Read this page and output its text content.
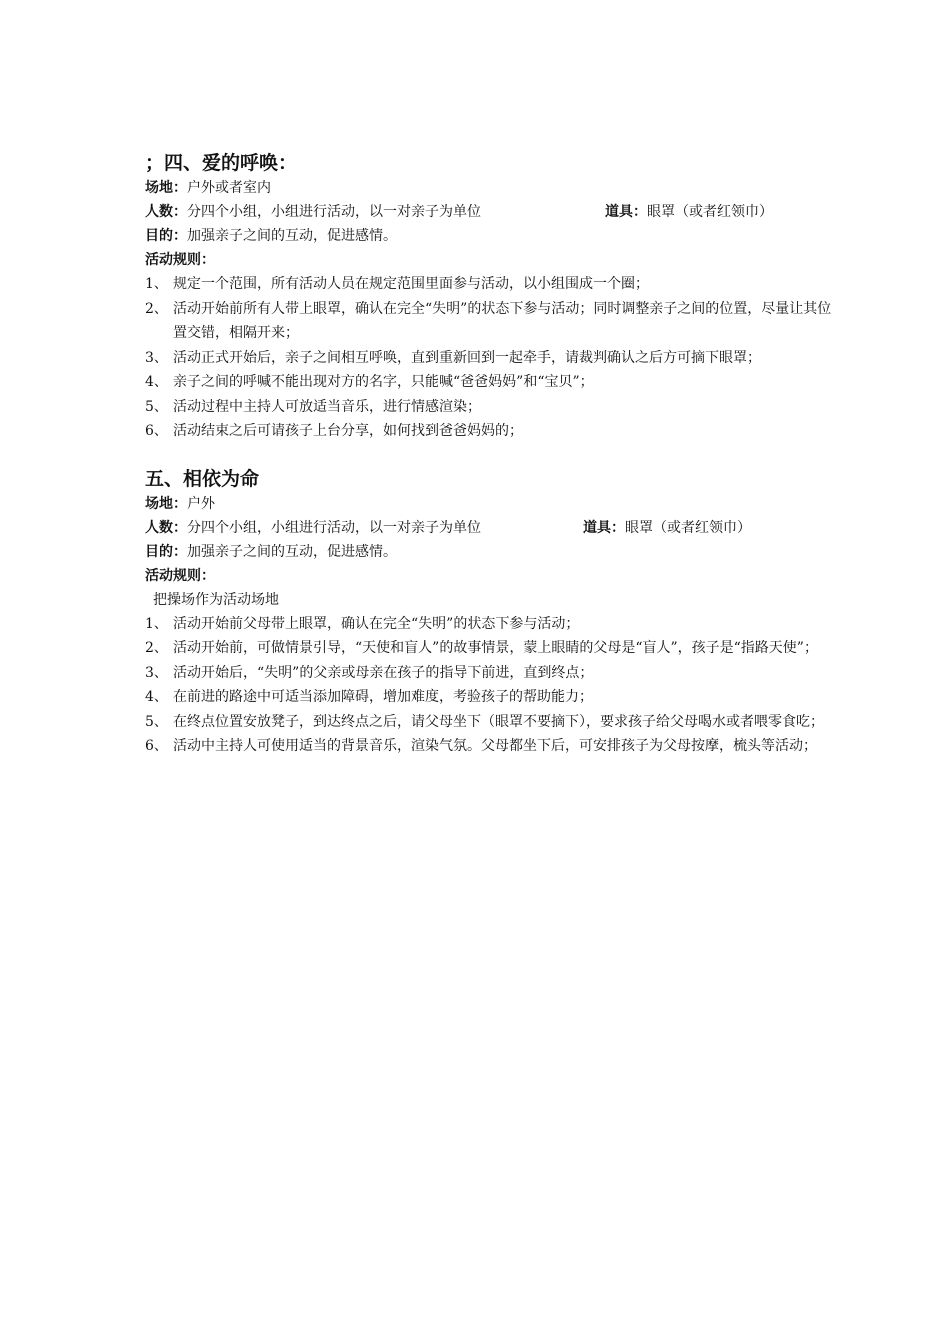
；四、爱的呼唤：
场地：户外或者室内
人数：分四个小组，小组进行活动，以一对亲子为单位	道具：眼罩（或者红领巾）
目的：加强亲子之间的互动，促进感情。
活动规则：
1、 规定一个范围，所有活动人员在规定范围里面参与活动，以小组围成一个圈；
2、 活动开始前所有人带上眼罩，确认在完全“失明”的状态下参与活动；同时调整亲子之间的位置，尽量让其位置交错，相隔开来；
3、 活动正式开始后，亲子之间相互呼唤，直到重新回到一起牵手，请裁判确认之后方可摘下眼罩；
4、 亲子之间的呼喊不能出现对方的名字，只能喊“爸爸妈妈”和“宝贝”；
5、 活动过程中主持人可放适当音乐，进行情感渲染；
6、 活动结束之后可请孩子上台分享，如何找到爸爸妈妈的；
五、相依为命
场地：户外
人数：分四个小组，小组进行活动，以一对亲子为单位	道具：眼罩（或者红领巾）
目的：加强亲子之间的互动，促进感情。
活动规则：
把操场作为活动场地
1、 活动开始前父母带上眼罩，确认在完全“失明”的状态下参与活动；
2、 活动开始前，可做情景引导，“天使和盲人”的故事情景，蒙上眼睛的父母是“盲人”，孩子是“指路天使”；
3、 活动开始后，“失明”的父亲或母亲在孩子的指导下前进，直到终点；
4、 在前进的路途中可适当添加障碍，增加难度，考验孩子的帮助能力；
5、 在终点位置安放凳子，到达终点之后，请父母坐下（眼罩不要摘下），要求孩子给父母喝水或者喂零食吃；
6、 活动中主持人可使用适当的背景音乐，渲染气氛。父母都坐下后，可安排孩子为父母按摩，梳头等活动；
